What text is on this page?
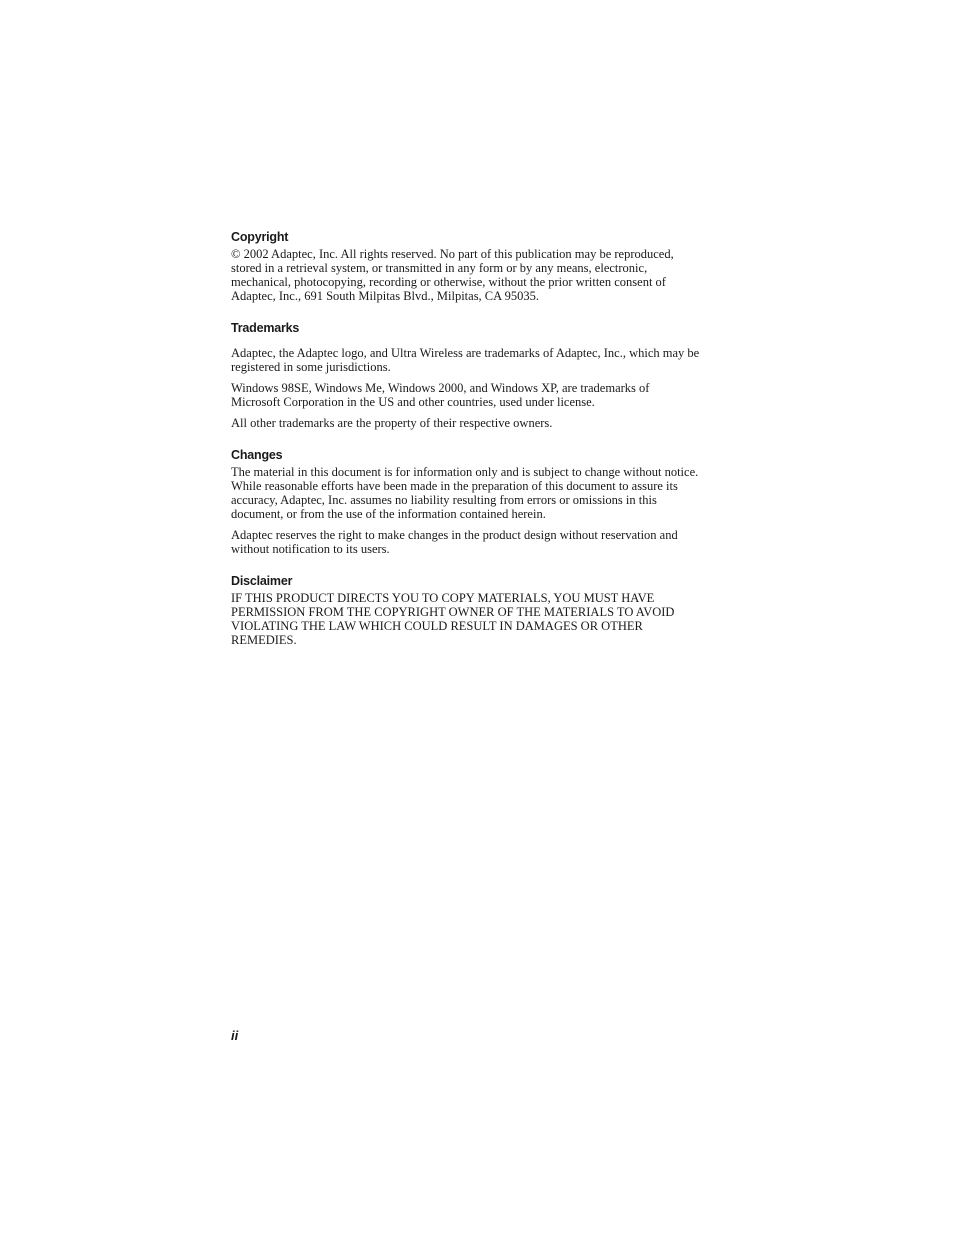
Copyright

© 2002 Adaptec, Inc. All rights reserved. No part of this publication may be reproduced, stored in a retrieval system, or transmitted in any form or by any means, electronic, mechanical, photocopying, recording or otherwise, without the prior written consent of Adaptec, Inc., 691 South Milpitas Blvd., Milpitas, CA 95035.

Trademarks

Adaptec, the Adaptec logo, and Ultra Wireless are trademarks of Adaptec, Inc., which may be registered in some jurisdictions.

Windows 98SE, Windows Me, Windows 2000, and Windows XP, are trademarks of Microsoft Corporation in the US and other countries, used under license.

All other trademarks are the property of their respective owners.

Changes

The material in this document is for information only and is subject to change without notice. While reasonable efforts have been made in the preparation of this document to assure its accuracy, Adaptec, Inc. assumes no liability resulting from errors or omissions in this document, or from the use of the information contained herein.

Adaptec reserves the right to make changes in the product design without reservation and without notification to its users.

Disclaimer

IF THIS PRODUCT DIRECTS YOU TO COPY MATERIALS, YOU MUST HAVE PERMISSION FROM THE COPYRIGHT OWNER OF THE MATERIALS TO AVOID VIOLATING THE LAW WHICH COULD RESULT IN DAMAGES OR OTHER REMEDIES.

ii
